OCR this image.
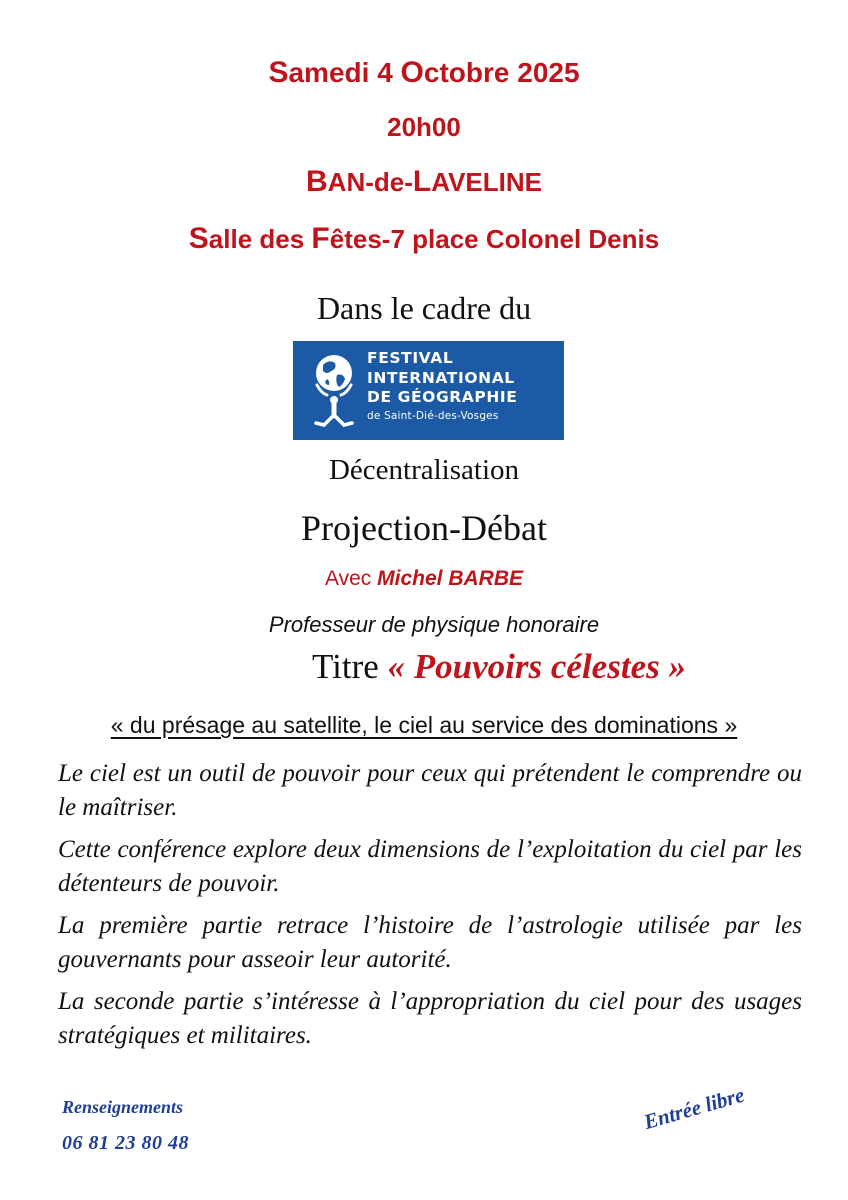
Samedi 4 Octobre 2025
20h00
BAN-de-LAVELINE
Salle des Fêtes-7 place Colonel Denis
Dans le cadre du
FESTIVAL
INTERNATIONAL
DE GÉOGRAPHIE
de Saint-Dié-des-Vosges
Décentralisation
Projection-Débat
Avec Michel BARBE
Professeur de physique honoraire
Titre « Pouvoirs célestes »
« du présage au satellite, le ciel au service des dominations »

Le ciel est un outil de pouvoir pour ceux qui prétendent le comprendre ou le maîtriser.

Cette conférence explore deux dimensions de l’exploitation du ciel par les détenteurs de pouvoir.

La première partie retrace l’histoire de l’astrologie utilisée par les gouvernants pour asseoir leur autorité.

La seconde partie s’intéresse à l’appropriation du ciel pour des usages stratégiques et militaires.

Renseignements
06 81 23 80 48
Entrée libre
